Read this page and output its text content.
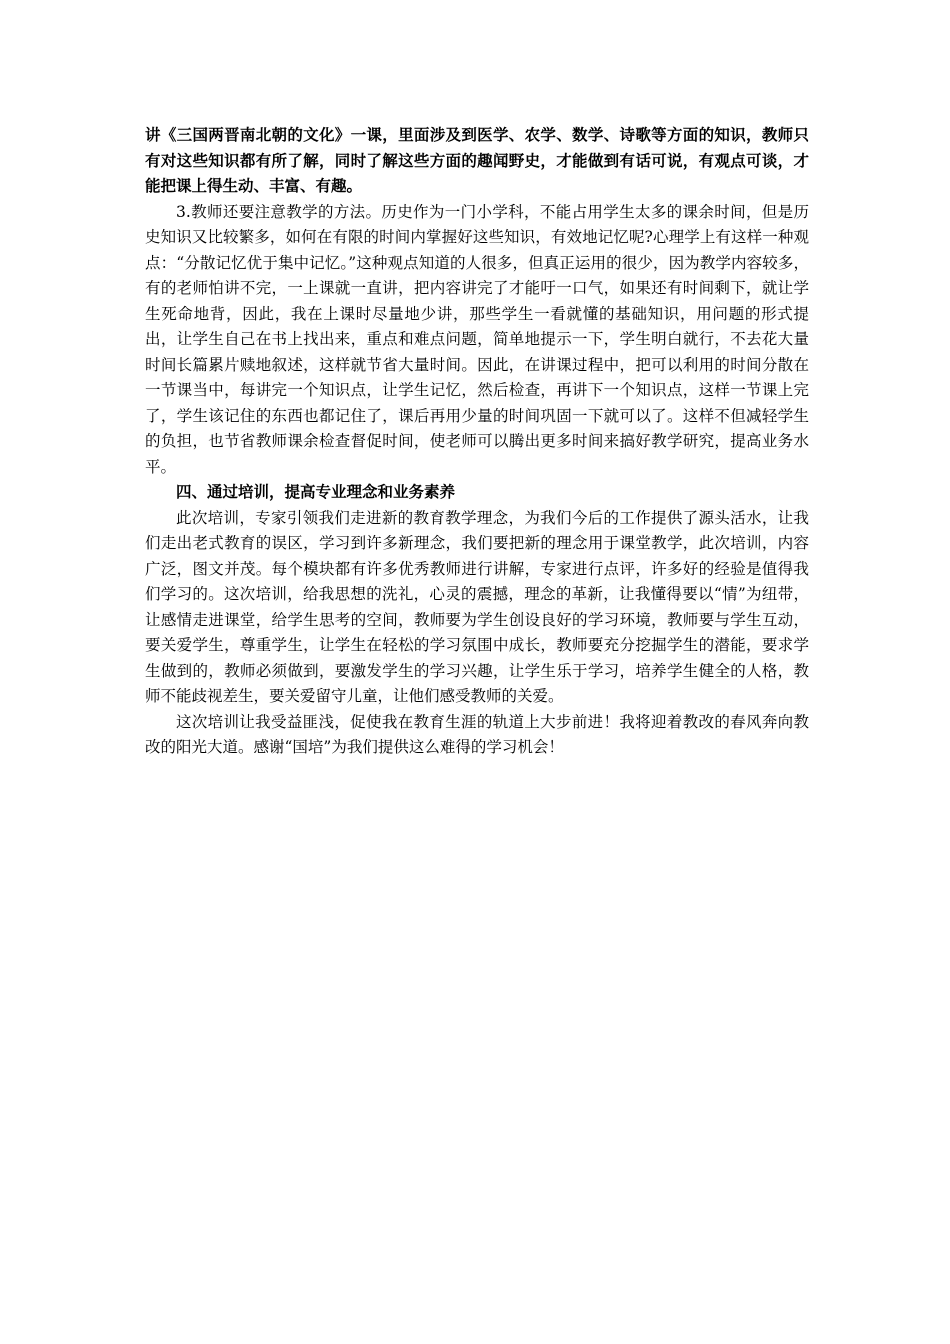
讲《三国两晋南北朝的文化》一课，里面涉及到医学、农学、数学、诗歌等方面的知识，教师只有对这些知识都有所了解，同时了解这些方面的趣闻野史，才能做到有话可说，有观点可谈，才能把课上得生动、丰富、有趣。

3.教师还要注意教学的方法。历史作为一门小学科，不能占用学生太多的课余时间，但是历史知识又比较繁多，如何在有限的时间内掌握好这些知识，有效地记忆呢?心理学上有这样一种观点：“分散记忆优于集中记忆。”这种观点知道的人很多，但真正运用的很少，因为教学内容较多，有的老师怕讲不完，一上课就一直讲，把内容讲完了才能吁一口气，如果还有时间剩下，就让学生死命地背，因此，我在上课时尽量地少讲，那些学生一看就懂的基础知识，用问题的形式提出，让学生自己在书上找出来，重点和难点问题，简单地提示一下，学生明白就行，不去花大量时间长篇累片赎地叙述，这样就节省大量时间。因此，在讲课过程中，把可以利用的时间分散在一节课当中，每讲完一个知识点，让学生记忆，然后检查，再讲下一个知识点，这样一节课上完了，学生该记住的东西也都记住了，课后再用少量的时间巩固一下就可以了。这样不但减轻学生的负担，也节省教师课余检查督促时间，使老师可以腾出更多时间来搞好教学研究，提高业务水平。

四、通过培训，提高专业理念和业务素养

此次培训，专家引领我们走进新的教育教学理念，为我们今后的工作提供了源头活水，让我们走出老式教育的误区，学习到许多新理念，我们要把新的理念用于课堂教学，此次培训，内容广泛，图文并茂。每个模块都有许多优秀教师进行讲解，专家进行点评，许多好的经验是值得我们学习的。这次培训，给我思想的洗礼，心灵的震撼，理念的革新，让我懂得要以“情”为纽带，让感情走进课堂，给学生思考的空间，教师要为学生创设良好的学习环境，教师要与学生互动，要关爱学生，尊重学生，让学生在轻松的学习氛围中成长，教师要充分挖掘学生的潜能，要求学生做到的，教师必须做到，要激发学生的学习兴趣，让学生乐于学习，培养学生健全的人格，教师不能歧视差生，要关爱留守儿童，让他们感受教师的关爱。

这次培训让我受益匪浅，促使我在教育生涯的轨道上大步前进！我将迎着教改的春风奔向教改的阳光大道。感谢“国培”为我们提供这么难得的学习机会！
